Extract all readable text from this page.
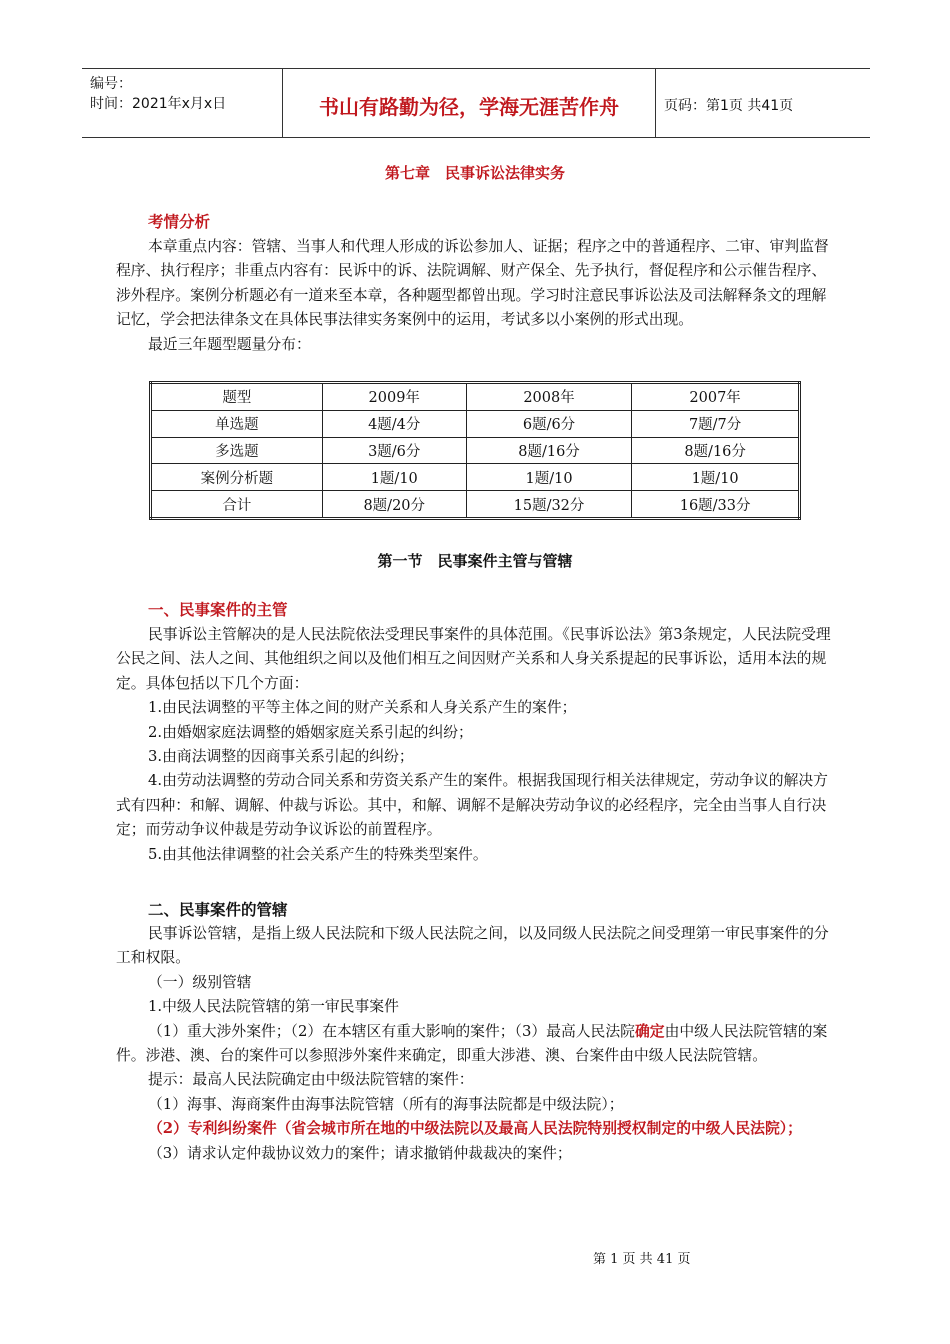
编号：
时间：2021年x月x日	书山有路勤为径，学海无涯苦作舟	页码：第1页 共41页
第七章　民事诉讼法律实务
考情分析

本章重点内容：管辖、当事人和代理人形成的诉讼参加人、证据；程序之中的普通程序、二审、审判监督程序、执行程序；非重点内容有：民诉中的诉、法院调解、财产保全、先予执行，督促程序和公示催告程序、涉外程序。案例分析题必有一道来至本章，各种题型都曾出现。学习时注意民事诉讼法及司法解释条文的理解记忆，学会把法律条文在具体民事法律实务案例中的运用，考试多以小案例的形式出现。

最近三年题型题量分布：

题型	2009年	2008年	2007年
单选题	4题/4分	6题/6分	7题/7分
多选题	3题/6分	8题/16分	8题/16分
案例分析题	1题/10	1题/10	1题/10
合计	8题/20分	15题/32分	16题/33分
第一节　民事案件主管与管辖
一、民事案件的主管

民事诉讼主管解决的是人民法院依法受理民事案件的具体范围。《民事诉讼法》第3条规定，人民法院受理公民之间、法人之间、其他组织之间以及他们相互之间因财产关系和人身关系提起的民事诉讼，适用本法的规定。具体包括以下几个方面：

1.由民法调整的平等主体之间的财产关系和人身关系产生的案件；

2.由婚姻家庭法调整的婚姻家庭关系引起的纠纷；

3.由商法调整的因商事关系引起的纠纷；

4.由劳动法调整的劳动合同关系和劳资关系产生的案件。根据我国现行相关法律规定，劳动争议的解决方式有四种：和解、调解、仲裁与诉讼。其中，和解、调解不是解决劳动争议的必经程序，完全由当事人自行决定；而劳动争议仲裁是劳动争议诉讼的前置程序。

5.由其他法律调整的社会关系产生的特殊类型案件。

二、民事案件的管辖

民事诉讼管辖，是指上级人民法院和下级人民法院之间，以及同级人民法院之间受理第一审民事案件的分工和权限。

（一）级别管辖

1.中级人民法院管辖的第一审民事案件

（1）重大涉外案件；（2）在本辖区有重大影响的案件；（3）最高人民法院确定由中级人民法院管辖的案件。涉港、澳、台的案件可以参照涉外案件来确定，即重大涉港、澳、台案件由中级人民法院管辖。

提示：最高人民法院确定由中级法院管辖的案件：

（1）海事、海商案件由海事法院管辖（所有的海事法院都是中级法院）；

（2）专利纠纷案件（省会城市所在地的中级法院以及最高人民法院特别授权制定的中级人民法院）；

（3）请求认定仲裁协议效力的案件；请求撤销仲裁裁决的案件；

第 1 页 共 41 页
